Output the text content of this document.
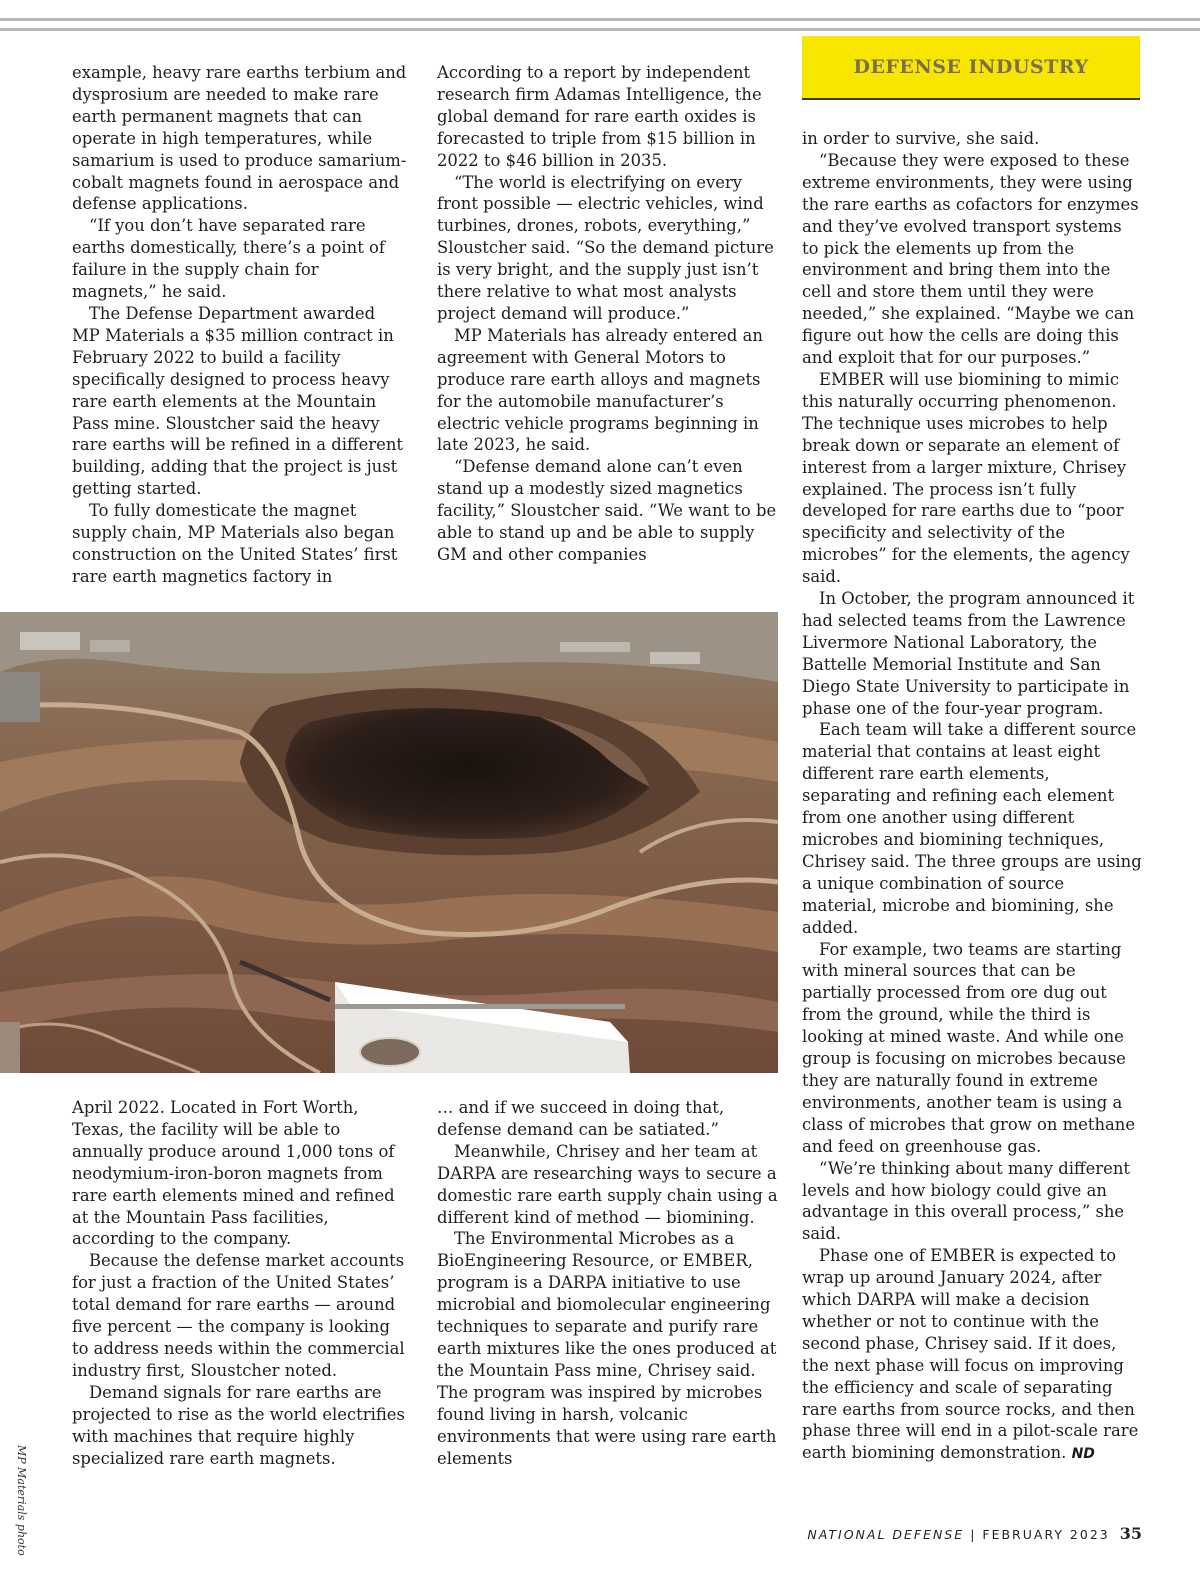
DEFENSE INDUSTRY

example, heavy rare earths terbium and dysprosium are needed to make rare earth permanent magnets that can operate in high temperatures, while samarium is used to produce samarium-cobalt magnets found in aerospace and defense applications.

“If you don’t have separated rare earths domestically, there’s a point of failure in the supply chain for magnets,” he said.

The Defense Department awarded MP Materials a $35 million contract in February 2022 to build a facility specifically designed to process heavy rare earth elements at the Mountain Pass mine. Sloustcher said the heavy rare earths will be refined in a different building, adding that the project is just getting started.

To fully domesticate the magnet supply chain, MP Materials also began construction on the United States’ first rare earth magnetics factory in

According to a report by independent research firm Adamas Intelligence, the global demand for rare earth oxides is forecasted to triple from $15 billion in 2022 to $46 billion in 2035.

“The world is electrifying on every front possible — electric vehicles, wind turbines, drones, robots, everything,” Sloustcher said. “So the demand picture is very bright, and the supply just isn’t there relative to what most analysts project demand will produce.”

MP Materials has already entered an agreement with General Motors to produce rare earth alloys and magnets for the automobile manufacturer’s electric vehicle programs beginning in late 2023, he said.

“Defense demand alone can’t even stand up a modestly sized magnetics facility,” Sloustcher said. “We want to be able to stand up and be able to supply GM and other companies

MP Materials photo

April 2022. Located in Fort Worth, Texas, the facility will be able to annually produce around 1,000 tons of neodymium-iron-boron magnets from rare earth elements mined and refined at the Mountain Pass facilities, according to the company.

Because the defense market accounts for just a fraction of the United States’ total demand for rare earths — around five percent — the company is looking to address needs within the commercial industry first, Sloustcher noted.

Demand signals for rare earths are projected to rise as the world electrifies with machines that require highly specialized rare earth magnets.

… and if we succeed in doing that, defense demand can be satiated.”

Meanwhile, Chrisey and her team at DARPA are researching ways to secure a domestic rare earth supply chain using a different kind of method — biomining.

The Environmental Microbes as a BioEngineering Resource, or EMBER, program is a DARPA initiative to use microbial and biomolecular engineering techniques to separate and purify rare earth mixtures like the ones produced at the Mountain Pass mine, Chrisey said. The program was inspired by microbes found living in harsh, volcanic environments that were using rare earth elements

in order to survive, she said.

“Because they were exposed to these extreme environments, they were using the rare earths as cofactors for enzymes and they’ve evolved transport systems to pick the elements up from the environment and bring them into the cell and store them until they were needed,” she explained. “Maybe we can figure out how the cells are doing this and exploit that for our purposes.”

EMBER will use biomining to mimic this naturally occurring phenomenon. The technique uses microbes to help break down or separate an element of interest from a larger mixture, Chrisey explained. The process isn’t fully developed for rare earths due to “poor specificity and selectivity of the microbes” for the elements, the agency said.

In October, the program announced it had selected teams from the Lawrence Livermore National Laboratory, the Battelle Memorial Institute and San Diego State University to participate in phase one of the four-year program.

Each team will take a different source material that contains at least eight different rare earth elements, separating and refining each element from one another using different microbes and biomining techniques, Chrisey said. The three groups are using a unique combination of source material, microbe and biomining, she added.

For example, two teams are starting with mineral sources that can be partially processed from ore dug out from the ground, while the third is looking at mined waste. And while one group is focusing on microbes because they are naturally found in extreme environments, another team is using a class of microbes that grow on methane and feed on greenhouse gas.

“We’re thinking about many different levels and how biology could give an advantage in this overall process,” she said.

Phase one of EMBER is expected to wrap up around January 2024, after which DARPA will make a decision whether or not to continue with the second phase, Chrisey said. If it does, the next phase will focus on improving the efficiency and scale of separating rare earths from source rocks, and then phase three will end in a pilot-scale rare earth biomining demonstration. ND

NATIONAL DEFENSE | FEBRUARY 2023 35
